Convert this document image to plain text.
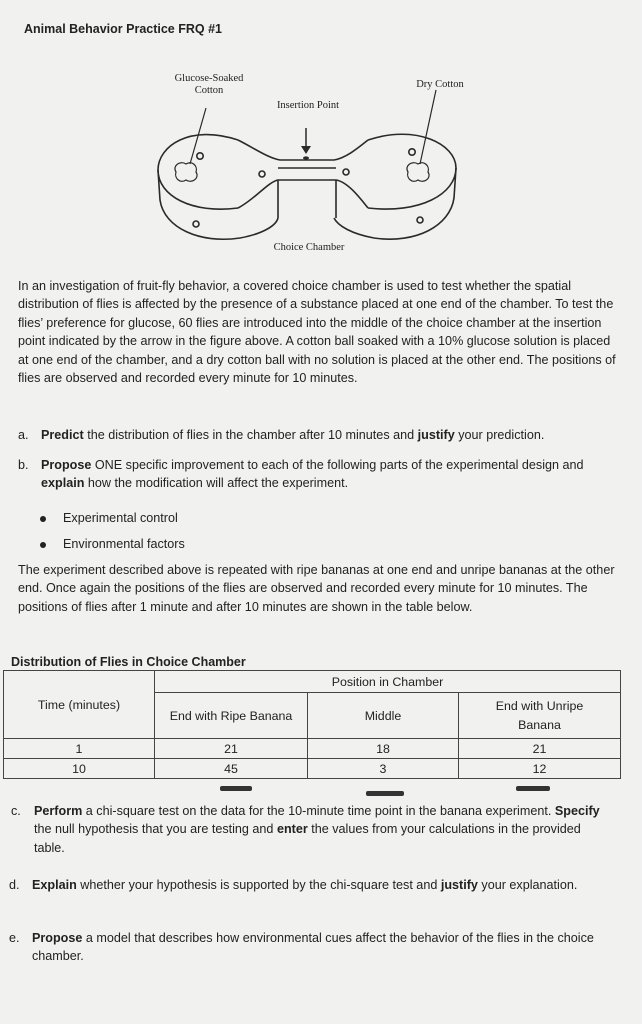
Animal Behavior Practice FRQ #1
Glucose-Soaked
Cotton
Dry Cotton
Insertion Point
Choice Chamber
In an investigation of fruit-fly behavior, a covered choice chamber is used to test whether the spatial distribution of flies is affected by the presence of a substance placed at one end of the chamber. To test the flies’ preference for glucose, 60 flies are introduced into the middle of the choice chamber at the insertion point indicated by the arrow in the figure above. A cotton ball soaked with a 10% glucose solution is placed at one end of the chamber, and a dry cotton ball with no solution is placed at the other end. The positions of flies are observed and recorded every minute for 10 minutes.
a. Predict the distribution of flies in the chamber after 10 minutes and justify your prediction.
b. Propose ONE specific improvement to each of the following parts of the experimental design and explain how the modification will affect the experiment.
Experimental control
Environmental factors
The experiment described above is repeated with ripe bananas at one end and unripe bananas at the other end. Once again the positions of the flies are observed and recorded every minute for 10 minutes. The positions of flies after 1 minute and after 10 minutes are shown in the table below.
Distribution of Flies in Choice Chamber
Time (minutes)	Position in Chamber		
	End with Ripe Banana	Middle	End with Unripe
Banana

1	21	18	21
10	45	3	12
c. Perform a chi-square test on the data for the 10-minute time point in the banana experiment. Specify the null hypothesis that you are testing and enter the values from your calculations in the provided table.
d. Explain whether your hypothesis is supported by the chi-square test and justify your explanation.
e. Propose a model that describes how environmental cues affect the behavior of the flies in the choice chamber.
